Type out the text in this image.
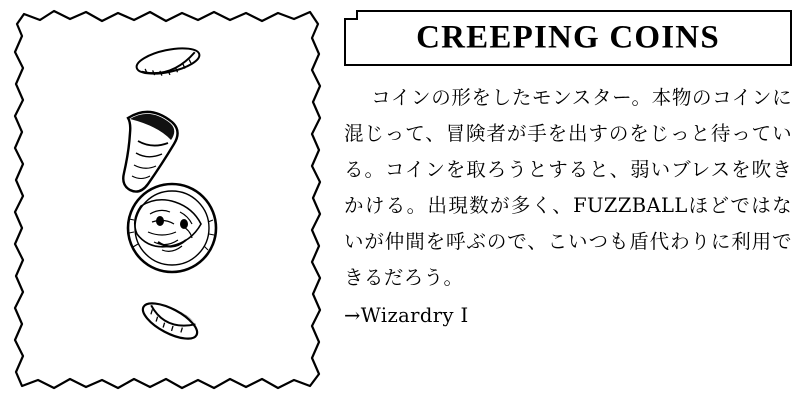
CREEPING COINS

コインの形をしたモンスター。本物のコインに混じって、冒険者が手を出すのをじっと待っている。コインを取ろうとすると、弱いブレスを吹きかける。出現数が多く、FUZZBALLほどではないが仲間を呼ぶので、こいつも盾代わりに利用できるだろう。

→Wizardry I
